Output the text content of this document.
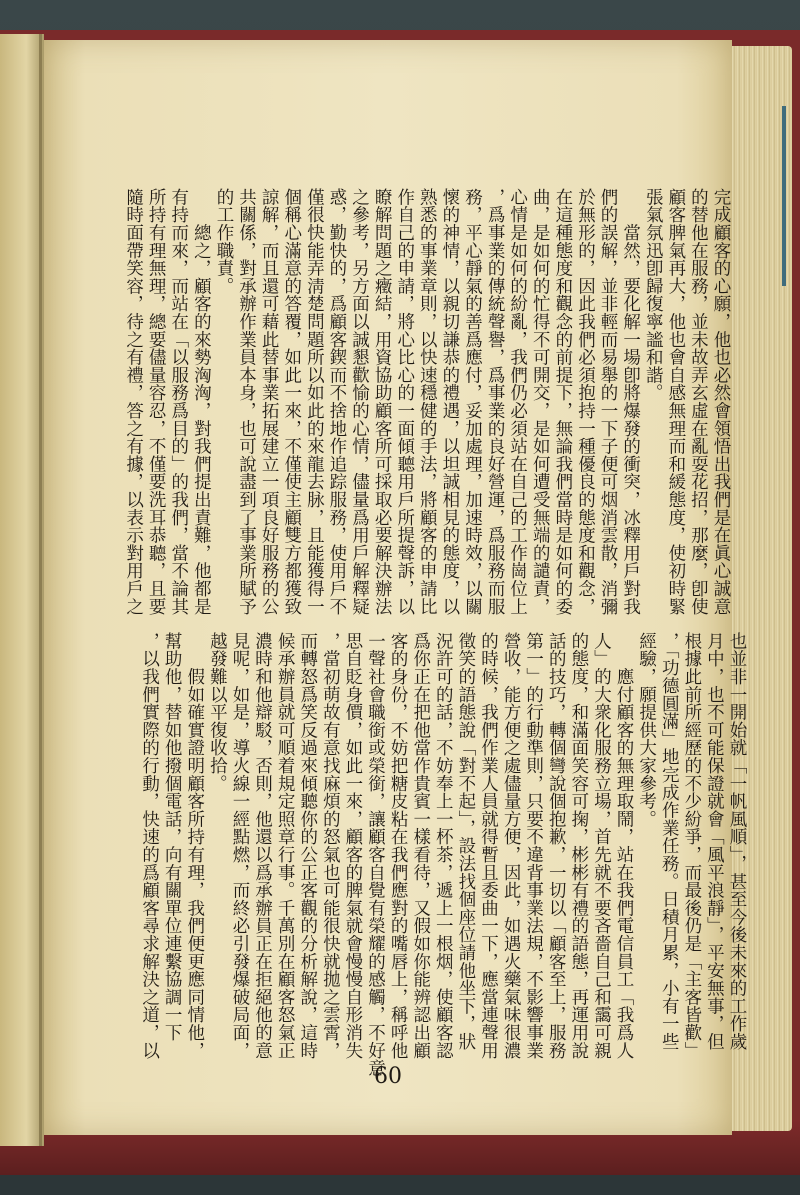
完成顧客的心願，他也必然會領悟出我們是在眞心誠意

的替他在服務，並未故弄玄虛在亂耍花招，那麼，卽使

顧客脾氣再大，他也會自感無理而和緩態度，使初時緊

張氣氛迅卽歸復寧謐和諧。

　　當然，要化解一場卽將爆發的衝突，冰釋用戶對我

們的誤解，並非輕而易舉的一下子便可烟消雲散，消彌

於無形的，因此我們必須抱持一種優良的態度和觀念，

在這種態度和觀念的前提下，無論我們當時是如何的委

曲，是如何的忙得不可開交，是如何遭受無端的譴責，

心情是如何的紛亂，我們仍必須站在自己的工作崗位上

，爲事業的傳統聲譽，爲事業的良好營運，爲服務而服

務，平心靜氣的善爲應付，妥加處理，加速時效，以關

懷的神情，以親切謙恭的禮遇，以坦誠相見的態度，以

熟悉的事業章則，以快速穩健的手法，將顧客的申請比

作自己的申請，將心比心的一面傾聽用戶所提聲訴，以

瞭解問題之癥結，用資協助顧客所可採取必要解決辦法

之參考，另方面以誠懇歡愉的心情，儘量爲用戶解釋疑

惑，勤快的，爲顧客鍥而不捨地作追踪服務，使用戶不

僅很快能弄淸楚問題所以如此的來龍去脉，且能獲得一

個稱心滿意的答覆，如此一來，不僅使主顧雙方都獲致

諒解，而且還可藉此替事業拓展建立一項良好服務的公

共關係，對承辦作業員本身，也可說盡到了事業所賦予

的工作職責。

　　總之，顧客的來勢洶洶，對我們提出責難，他都是

有持而來，而站在「以服務爲目的」的我們，當不論其

所持有理無理，總要儘量容忍，不僅要洗耳恭聽，且要

隨時面帶笑容，待之有禮，答之有據，以表示對用戶之

也並非一開始就「一帆風順」，甚至今後未來的工作歲

月中，也不可能保證就會「風平浪靜」，平安無事，但

根據此前所經歷的不少紛爭，而最後仍是「主客皆歡」

，「功德圓滿」地完成作業任務。日積月累，小有一些

經驗，願提供大家參考。

　　應付顧客的無理取鬧，站在我們電信員工「我爲人

人」的大衆化服務立場，首先就不要吝嗇自己和靄可親

的態度，和滿面笑容可掬，彬彬有禮的語態，再運用說

話的技巧，轉個彎說個抱歉，一切以「顧客至上，服務

第一」的行動準則，只要不違背事業法規，不影響事業

營收，能方便之處儘量方便，因此，如遇火藥氣味很濃

的時候，我們作業人員就得暫且委曲一下，應當連聲用

徵笑的語態說「對不起」，設法找個座位請他坐下，狀

況許可的話，不妨奉上一杯茶，遞上一根烟，使顧客認

爲你正在把他當作貴賓一樣看待，又假如你能辨認出顧

客的身份，不妨把糖皮粘在我們應對的嘴唇上，稱呼他

一聲社會職銜或榮銜，讓顧客自覺有榮耀的感觸，不好意

思自貶身價，如此一來，顧客的脾氣就會慢慢自形消失

，當初萌故有意找麻煩的怒氣也可能很快就拋之雲霄，

而轉怒爲笑反過來傾聽你的公正客觀的分析解說，這時

候承辦員就可順着規定照章行事。千萬別在顧客怒氣正

濃時和他辯駁，否則，他還以爲承辦員正在拒絕他的意

見呢，如是，導火線一經點燃，而終必引發爆破局面，

越發難以平復收拾。

　　假如確實證明顧客所持有理，我們便更應同情他，

幫助他，替如他撥個電話，向有關單位連繫協調一下

，以我們實際的行動，快速的爲顧客尋求解決之道，以

60
